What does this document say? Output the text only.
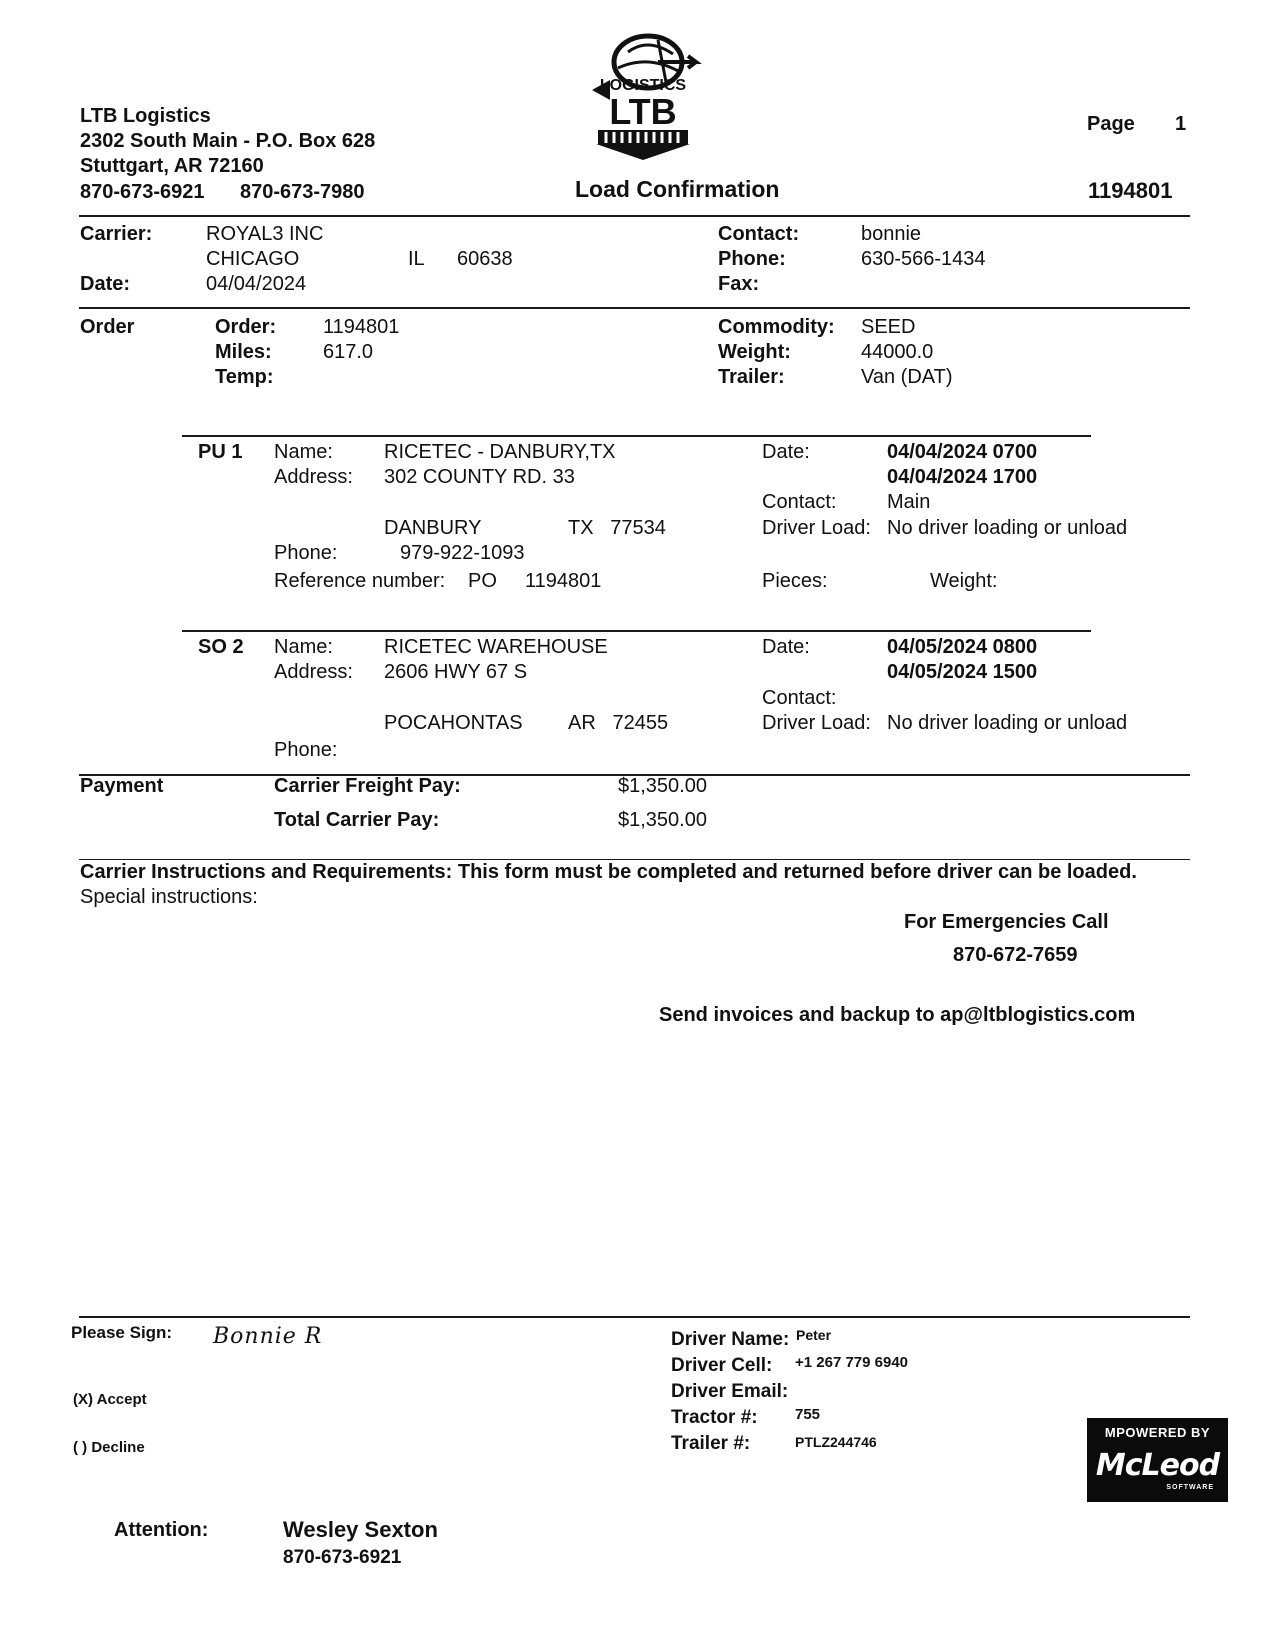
LOGISTICS
LTB
LTB Logistics
2302 South Main - P.O. Box 628
Stuttgart, AR 72160
870-673-6921 870-673-7980
Page 1
Load Confirmation	1194801
Carrier:	ROYAL3 INC
CHICAGO	IL 60638
Date:	04/04/2024
Contact:	bonnie
Phone:	630-566-1434
Fax:
Order	Order: 1194801
Miles:	617.0
Temp:
Commodity: SEED
Weight:	44000.0
Trailer:	Van (DAT)
PU 1 Name:	RICETEC - DANBURY,TX
Address: 302 COUNTY RD. 33
DANBURY	TX   77534
Phone:	979-922-1093
Reference number: PO 1194801
Date:	04/04/2024 0700
04/04/2024 1700
Contact:	Main
Driver Load: No driver loading or unload
Pieces:	Weight:
SO 2 Name:	RICETEC WAREHOUSE
Address: 2606 HWY 67 S
POCAHONTAS AR   72455
Phone:
Date:	04/05/2024 0800
04/05/2024 1500
Contact:
Driver Load: No driver loading or unload
Payment	Carrier Freight Pay:	$1,350.00
Total Carrier Pay:	$1,350.00
Carrier Instructions and Requirements: This form must be completed and returned before driver can be loaded.
Special instructions:
For Emergencies Call
870-672-7659
Send invoices and backup to ap@ltblogistics.com
Please Sign: Bonnie R
(X) Accept
( ) Decline
Driver Name: Peter
Driver Cell: +1 267 779 6940
Driver Email:
Tractor #: 755
Trailer #:	PTLZ244746
MPOWERED BY
McLeod
SOFTWARE
Attention:	Wesley Sexton
870-673-6921
